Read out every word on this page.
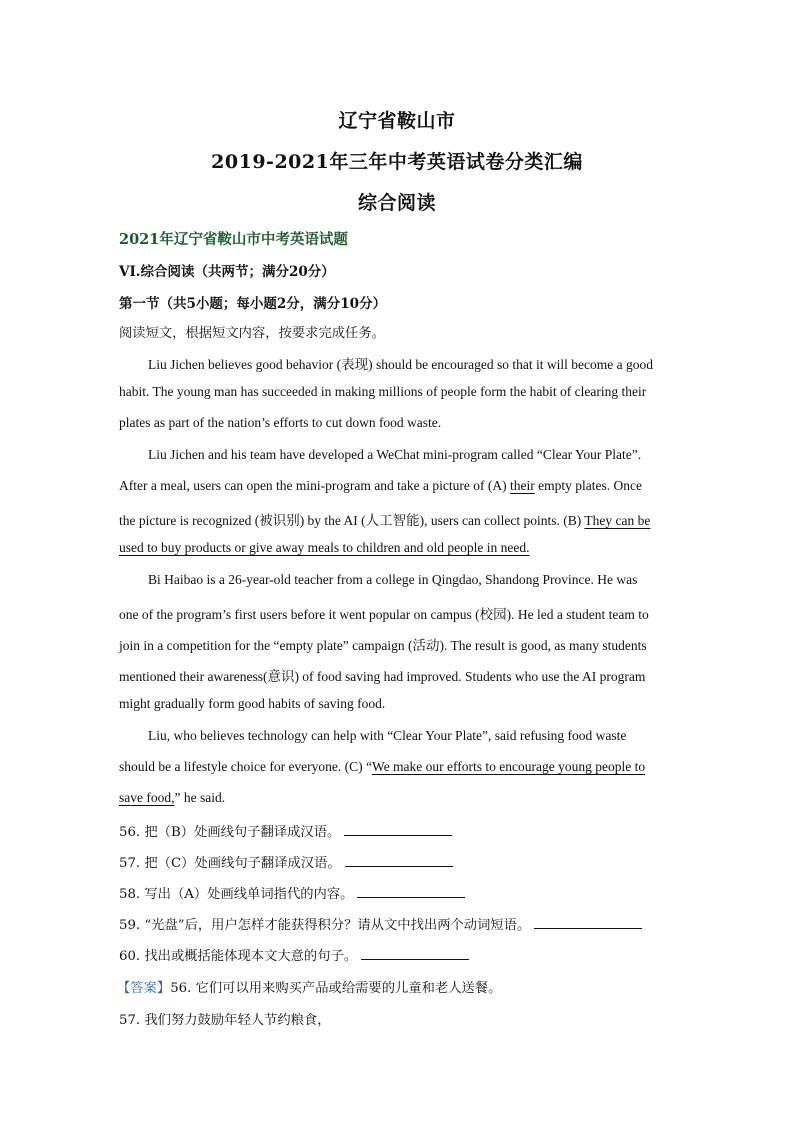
辽宁省鞍山市
2019-2021年三年中考英语试卷分类汇编
综合阅读
2021年辽宁省鞍山市中考英语试题
VI.综合阅读（共两节；满分20分）
第一节（共5小题；每小题2分，满分10分）
阅读短文，根据短文内容，按要求完成任务。
Liu Jichen believes good behavior (表现) should be encouraged so that it will become a good
habit. The young man has succeeded in making millions of people form the habit of clearing their
plates as part of the nation’s efforts to cut down food waste.
Liu Jichen and his team have developed a WeChat mini-program called “Clear Your Plate”.
After a meal, users can open the mini-program and take a picture of (A) their empty plates. Once
the picture is recognized (被识别) by the AI (人工智能), users can collect points. (B) They can be
used to buy products or give away meals to children and old people in need.
Bi Haibao is a 26-year-old teacher from a college in Qingdao, Shandong Province. He was
one of the program’s first users before it went popular on campus (校园). He led a student team to
join in a competition for the “empty plate” campaign (活动). The result is good, as many students
mentioned their awareness(意识) of food saving had improved. Students who use the AI program
might gradually form good habits of saving food.
Liu, who believes technology can help with “Clear Your Plate”, said refusing food waste
should be a lifestyle choice for everyone. (C) “We make our efforts to encourage young people to
save food,” he said.
56. 把（B）处画线句子翻译成汉语。
57. 把（C）处画线句子翻译成汉语。
58. 写出（A）处画线单词指代的内容。
59. “光盘”后，用户怎样才能获得积分？请从文中找出两个动词短语。
60. 找出或概括能体现本文大意的句子。
【答案】56. 它们可以用来购买产品或给需要的儿童和老人送餐。
57. 我们努力鼓励年轻人节约粮食，
